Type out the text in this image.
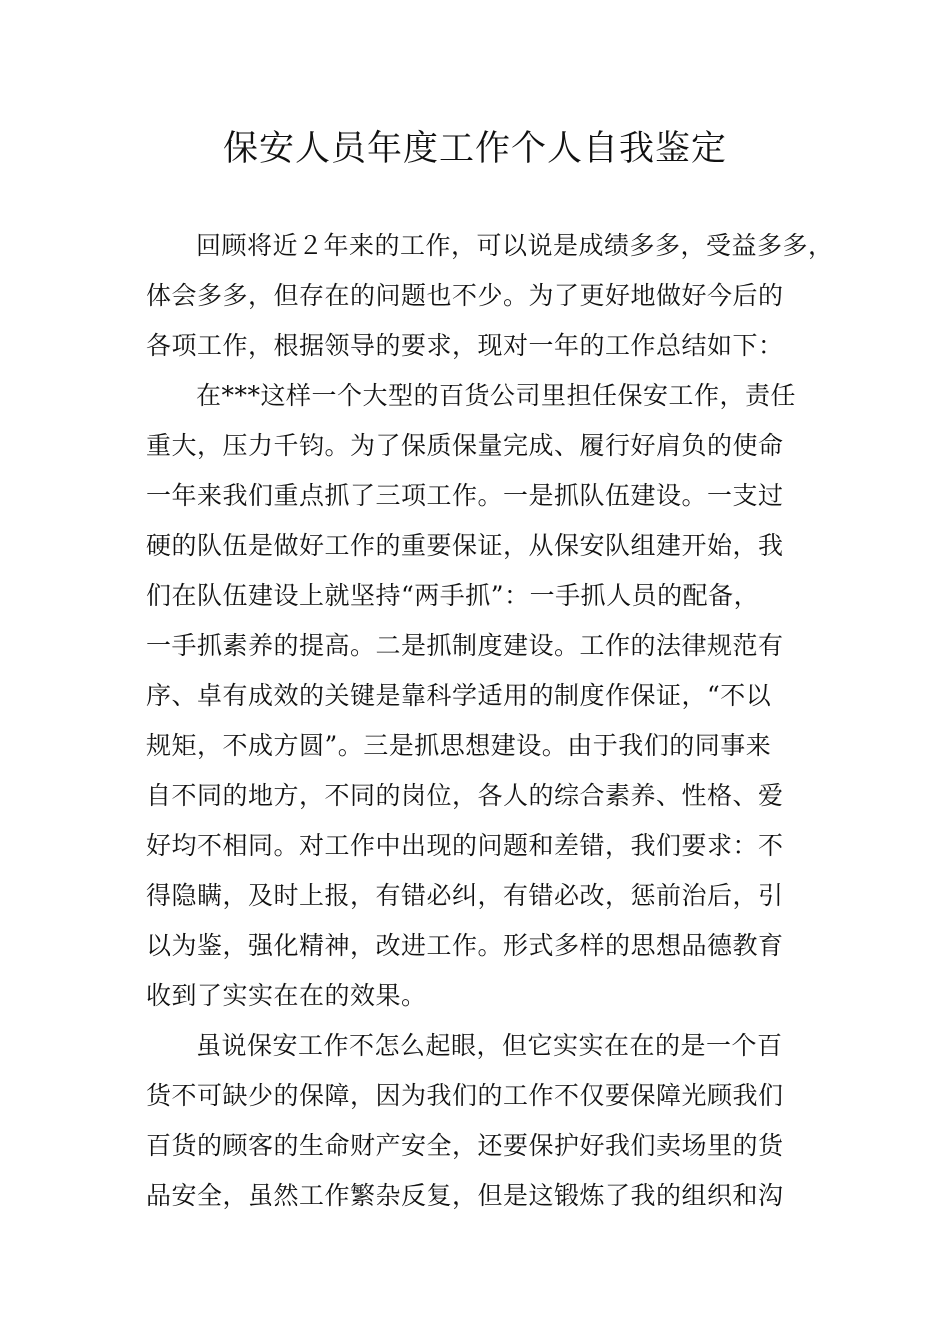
保安人员年度工作个人自我鉴定
回顾将近２年来的工作，可以说是成绩多多，受益多多，
体会多多，但存在的问题也不少。为了更好地做好今后的
各项工作，根据领导的要求，现对一年的工作总结如下：
在***这样一个大型的百货公司里担任保安工作，责任
重大，压力千钧。为了保质保量完成、履行好肩负的使命
一年来我们重点抓了三项工作。一是抓队伍建设。一支过
硬的队伍是做好工作的重要保证，从保安队组建开始，我
们在队伍建设上就坚持“两手抓”：一手抓人员的配备，
一手抓素养的提高。二是抓制度建设。工作的法律规范有
序、卓有成效的关键是靠科学适用的制度作保证，“不以
规矩，不成方圆”。三是抓思想建设。由于我们的同事来
自不同的地方，不同的岗位，各人的综合素养、性格、爱
好均不相同。对工作中出现的问题和差错，我们要求：不
得隐瞒，及时上报，有错必纠，有错必改，惩前治后，引
以为鉴，强化精神，改进工作。形式多样的思想品德教育
收到了实实在在的效果。
虽说保安工作不怎么起眼，但它实实在在的是一个百
货不可缺少的保障，因为我们的工作不仅要保障光顾我们
百货的顾客的生命财产安全，还要保护好我们卖场里的货
品安全，虽然工作繁杂反复，但是这锻炼了我的组织和沟
